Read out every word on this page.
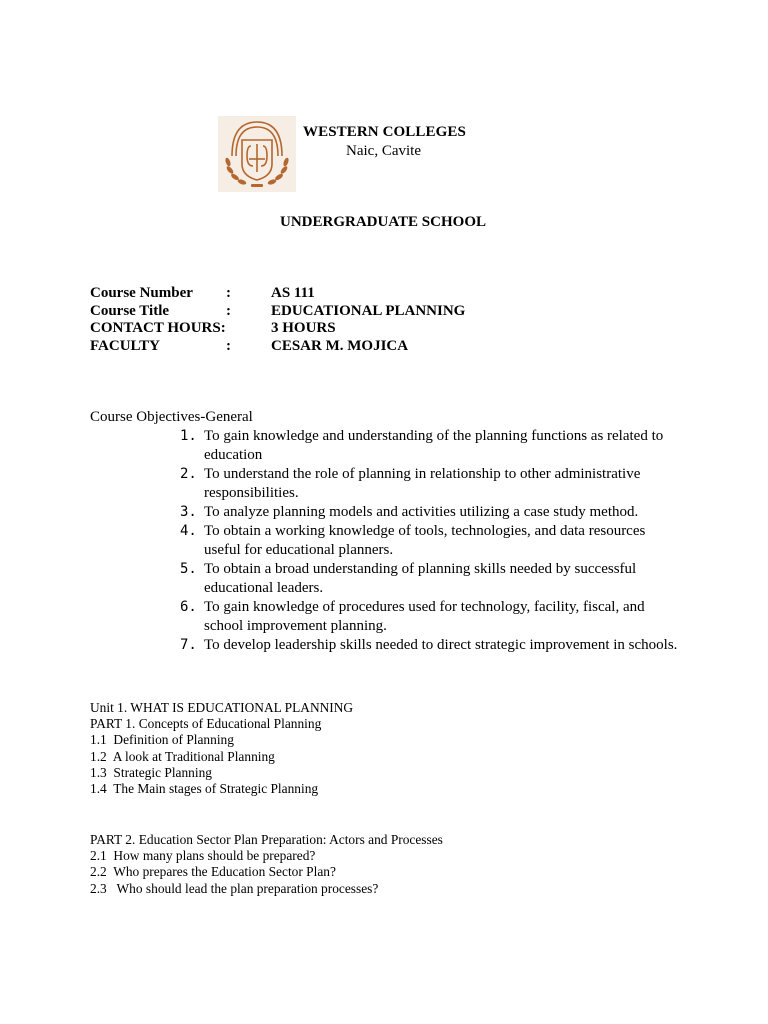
WESTERN COLLEGES
Naic, Cavite
UNDERGRADUATE SCHOOL
Course Number :	AS 111
Course Title	:	EDUCATIONAL PLANNING
CONTACT HOURS:	3 HOURS
FACULTY	:	CESAR M. MOJICA
Course Objectives-General
1. To gain knowledge and understanding of the planning functions as related to education
2. To understand the role of planning in relationship to other administrative responsibilities.
3. To analyze planning models and activities utilizing a case study method.
4. To obtain a working knowledge of tools, technologies, and data resources useful for educational planners.
5. To obtain a broad understanding of planning skills needed by successful educational leaders.
6. To gain knowledge of procedures used for technology, facility, fiscal, and school improvement planning.
7. To develop leadership skills needed to direct strategic improvement in schools.
Unit 1. WHAT IS EDUCATIONAL PLANNING
PART 1. Concepts of Educational Planning
1.1  Definition of Planning
1.2  A look at Traditional Planning
1.3  Strategic Planning
1.4  The Main stages of Strategic Planning
PART 2. Education Sector Plan Preparation: Actors and Processes
2.1  How many plans should be prepared?
2.2  Who prepares the Education Sector Plan?
2.3   Who should lead the plan preparation processes?
